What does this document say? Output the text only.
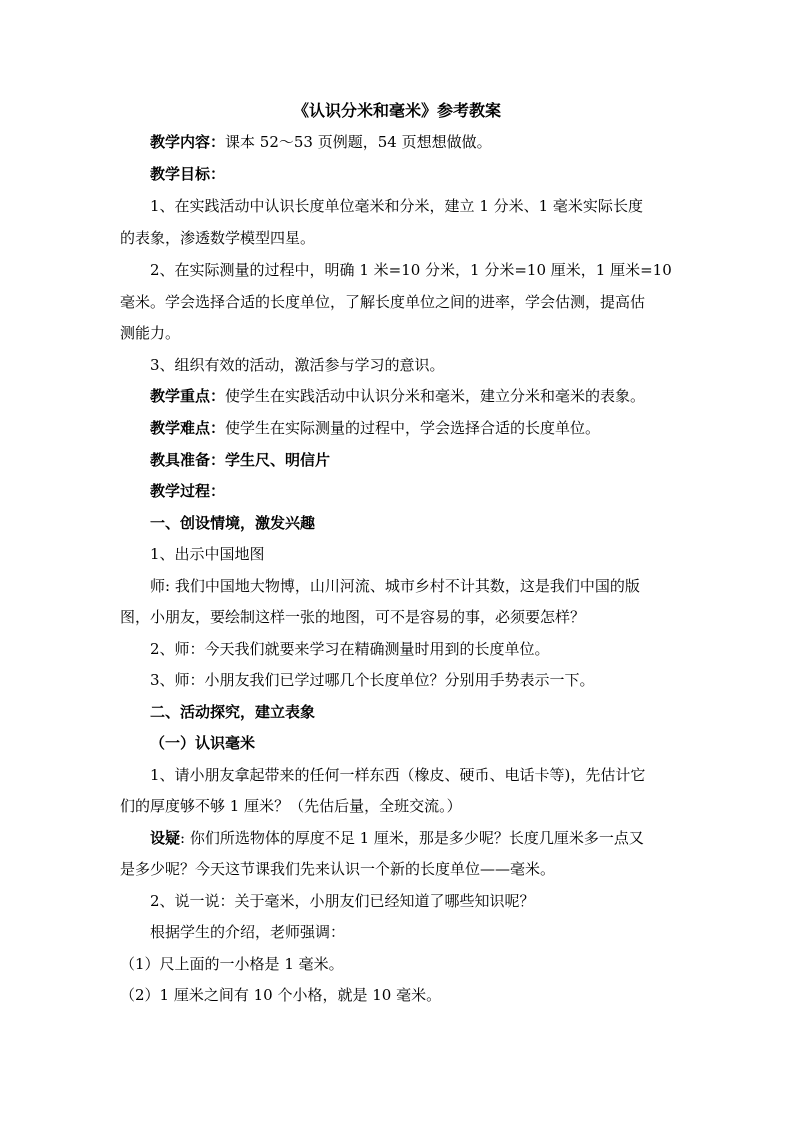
《认识分米和毫米》参考教案
教学内容：课本 52～53 页例题，54 页想想做做。
教学目标：
1、在实践活动中认识长度单位毫米和分米，建立 1 分米、1 毫米实际长度
的表象，渗透数学模型四星。
2、在实际测量的过程中，明确 1 米=10 分米，1 分米=10 厘米，1 厘米=10
毫米。学会选择合适的长度单位，了解长度单位之间的进率，学会估测，提高估
测能力。
3、组织有效的活动，激活参与学习的意识。
教学重点：使学生在实践活动中认识分米和毫米，建立分米和毫米的表象。
教学难点：使学生在实际测量的过程中，学会选择合适的长度单位。
教具准备：学生尺、明信片
教学过程：
一、创设情境，激发兴趣
1、出示中国地图
师: 我们中国地大物博，山川河流、城市乡村不计其数，这是我们中国的版
图，小朋友，要绘制这样一张的地图，可不是容易的事，必须要怎样？
2、师：今天我们就要来学习在精确测量时用到的长度单位。
3、师：小朋友我们已学过哪几个长度单位？分别用手势表示一下。
二、活动探究，建立表象
（一）认识毫米
1、请小朋友拿起带来的任何一样东西（橡皮、硬币、电话卡等)，先估计它
们的厚度够不够 1 厘米？（先估后量，全班交流。）
设疑: 你们所选物体的厚度不足 1 厘米，那是多少呢？长度几厘米多一点又
是多少呢？今天这节课我们先来认识一个新的长度单位——毫米。
2、说一说：关于毫米，小朋友们已经知道了哪些知识呢？
根据学生的介绍，老师强调：
（1）尺上面的一小格是 1 毫米。
（2）1 厘米之间有 10 个小格，就是 10 毫米。
